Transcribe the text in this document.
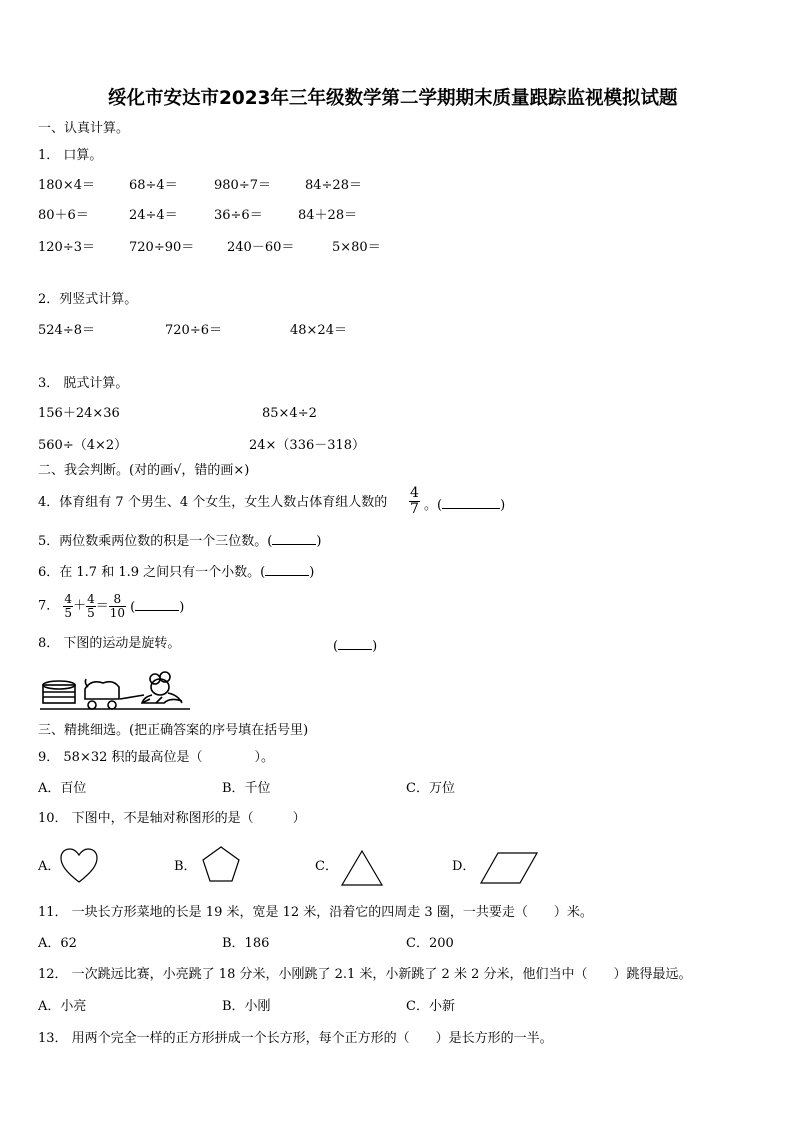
绥化市安达市2023年三年级数学第二学期期末质量跟踪监视模拟试题
一、认真计算。
1． 口算。
180×4＝	68÷4＝	980÷7＝	84÷28＝
80＋6＝	24÷4＝	36÷6＝	84＋28＝
120÷3＝	720÷90＝	240－60＝	5×80＝
2．列竖式计算。
524÷8＝	720÷6＝	48×24＝
3． 脱式计算。
156＋24×36	85×4÷2
560÷（4×2）	24×（336－318）
二、我会判断。(对的画√，错的画×)
4．体育组有 7 个男生、4 个女生，女生人数占体育组人数的 $\frac{4}{7}$ 。(	)
5．两位数乘两位数的积是一个三位数。(	)
6．在 1.7 和 1.9 之间只有一个小数。(	)
7． $\frac{4}{5} + \frac{4}{5} = \frac{8}{10}$ (	)
8． 下图的运动是旋转。	(	)
三、精挑细选。(把正确答案的序号填在括号里)
9． 58×32 积的最高位是（　　　　）。
A．百位	B．千位	C．万位
10． 下图中，不是轴对称图形的是（　　　）
A．	B．	C．	D．
11． 一块长方形菜地的长是 19 米，宽是 12 米，沿着它的四周走 3 圈，一共要走（　　）米。
A．62	B．186	C．200
12． 一次跳远比赛，小亮跳了 18 分米，小刚跳了 2.1 米，小新跳了 2 米 2 分米，他们当中（　　）跳得最远。
A．小亮	B．小刚	C．小新
13． 用两个完全一样的正方形拼成一个长方形，每个正方形的（　　）是长方形的一半。
